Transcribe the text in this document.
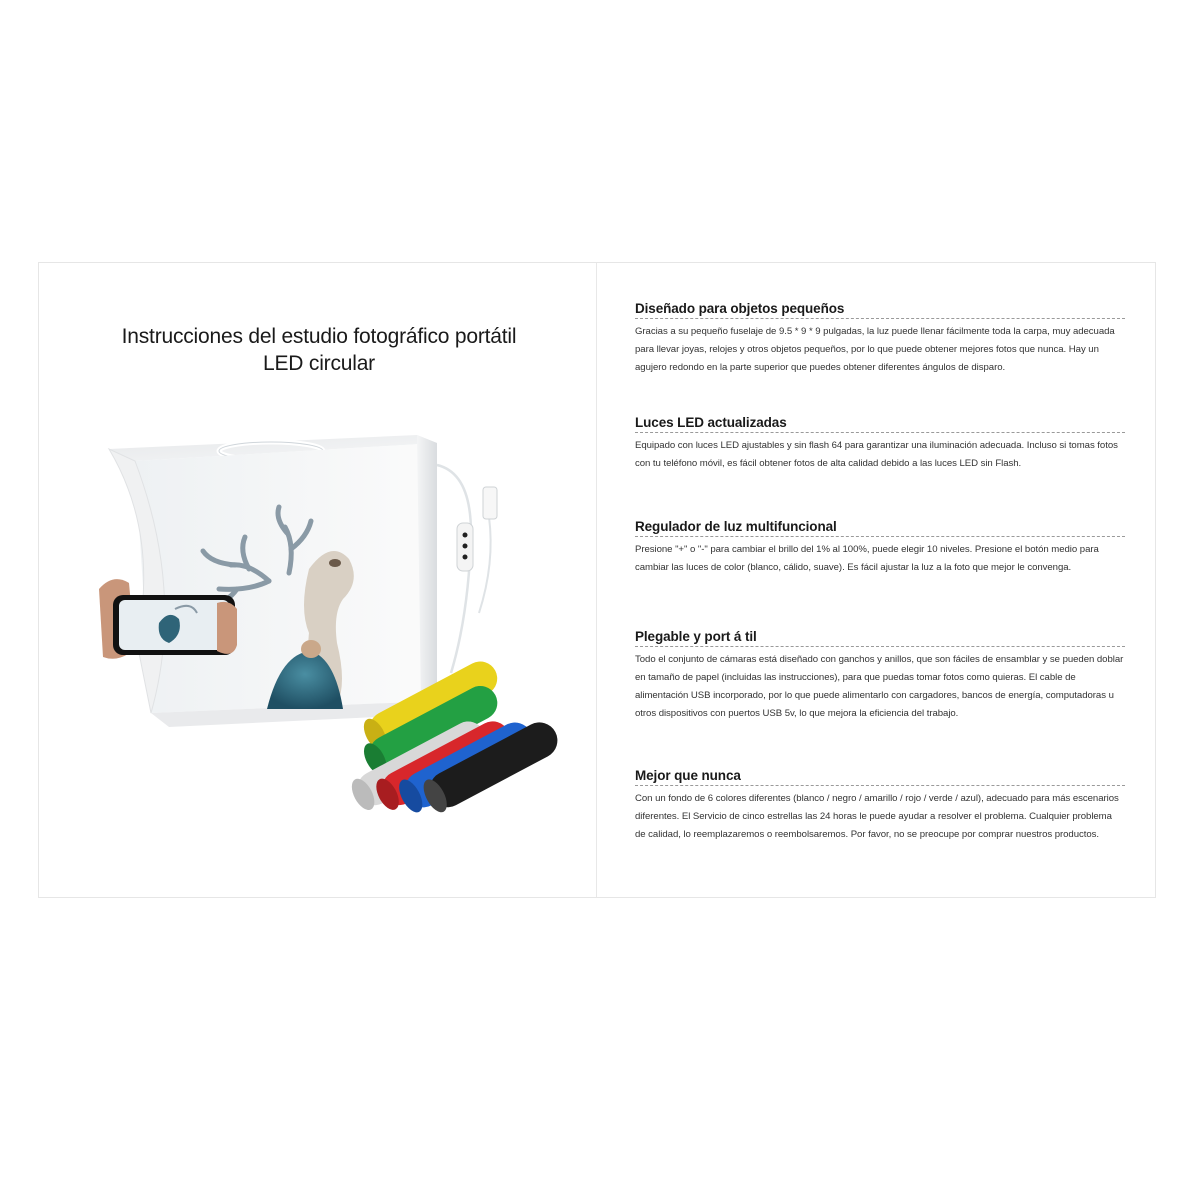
Instrucciones del estudio fotográfico portátil
LED circular
Diseñado para objetos pequeños
Gracias a su pequeño fuselaje de 9.5 * 9 * 9 pulgadas, la luz puede llenar fácilmente toda la carpa, muy adecuada para llevar joyas, relojes y otros objetos pequeños, por lo que puede obtener mejores fotos que nunca. Hay un agujero redondo en la parte superior que puedes obtener diferentes ángulos de disparo.
Luces LED actualizadas
Equipado con luces LED ajustables y sin flash 64 para garantizar una iluminación adecuada. Incluso si tomas fotos con tu teléfono móvil, es fácil obtener fotos de alta calidad debido a las luces LED sin Flash.
Regulador de luz multifuncional
Presione "+" o "-" para cambiar el brillo del 1% al 100%, puede elegir 10 niveles. Presione el botón medio para cambiar las luces de color (blanco, cálido, suave). Es fácil ajustar la luz a la foto que mejor le convenga.
Plegable y port á til
Todo el conjunto de cámaras está diseñado con ganchos y anillos, que son fáciles de ensamblar y se pueden doblar en tamaño de papel (incluidas las instrucciones), para que puedas tomar fotos como quieras. El cable de alimentación USB incorporado, por lo que puede alimentarlo con cargadores, bancos de energía, computadoras u otros dispositivos con puertos USB 5v, lo que mejora la eficiencia del trabajo.
Mejor que nunca
Con un fondo de 6 colores diferentes (blanco / negro / amarillo / rojo / verde / azul), adecuado para más escenarios diferentes. El Servicio de cinco estrellas las 24 horas le puede ayudar a resolver el problema. Cualquier problema de calidad, lo reemplazaremos o reembolsaremos. Por favor, no se preocupe por comprar nuestros productos.
